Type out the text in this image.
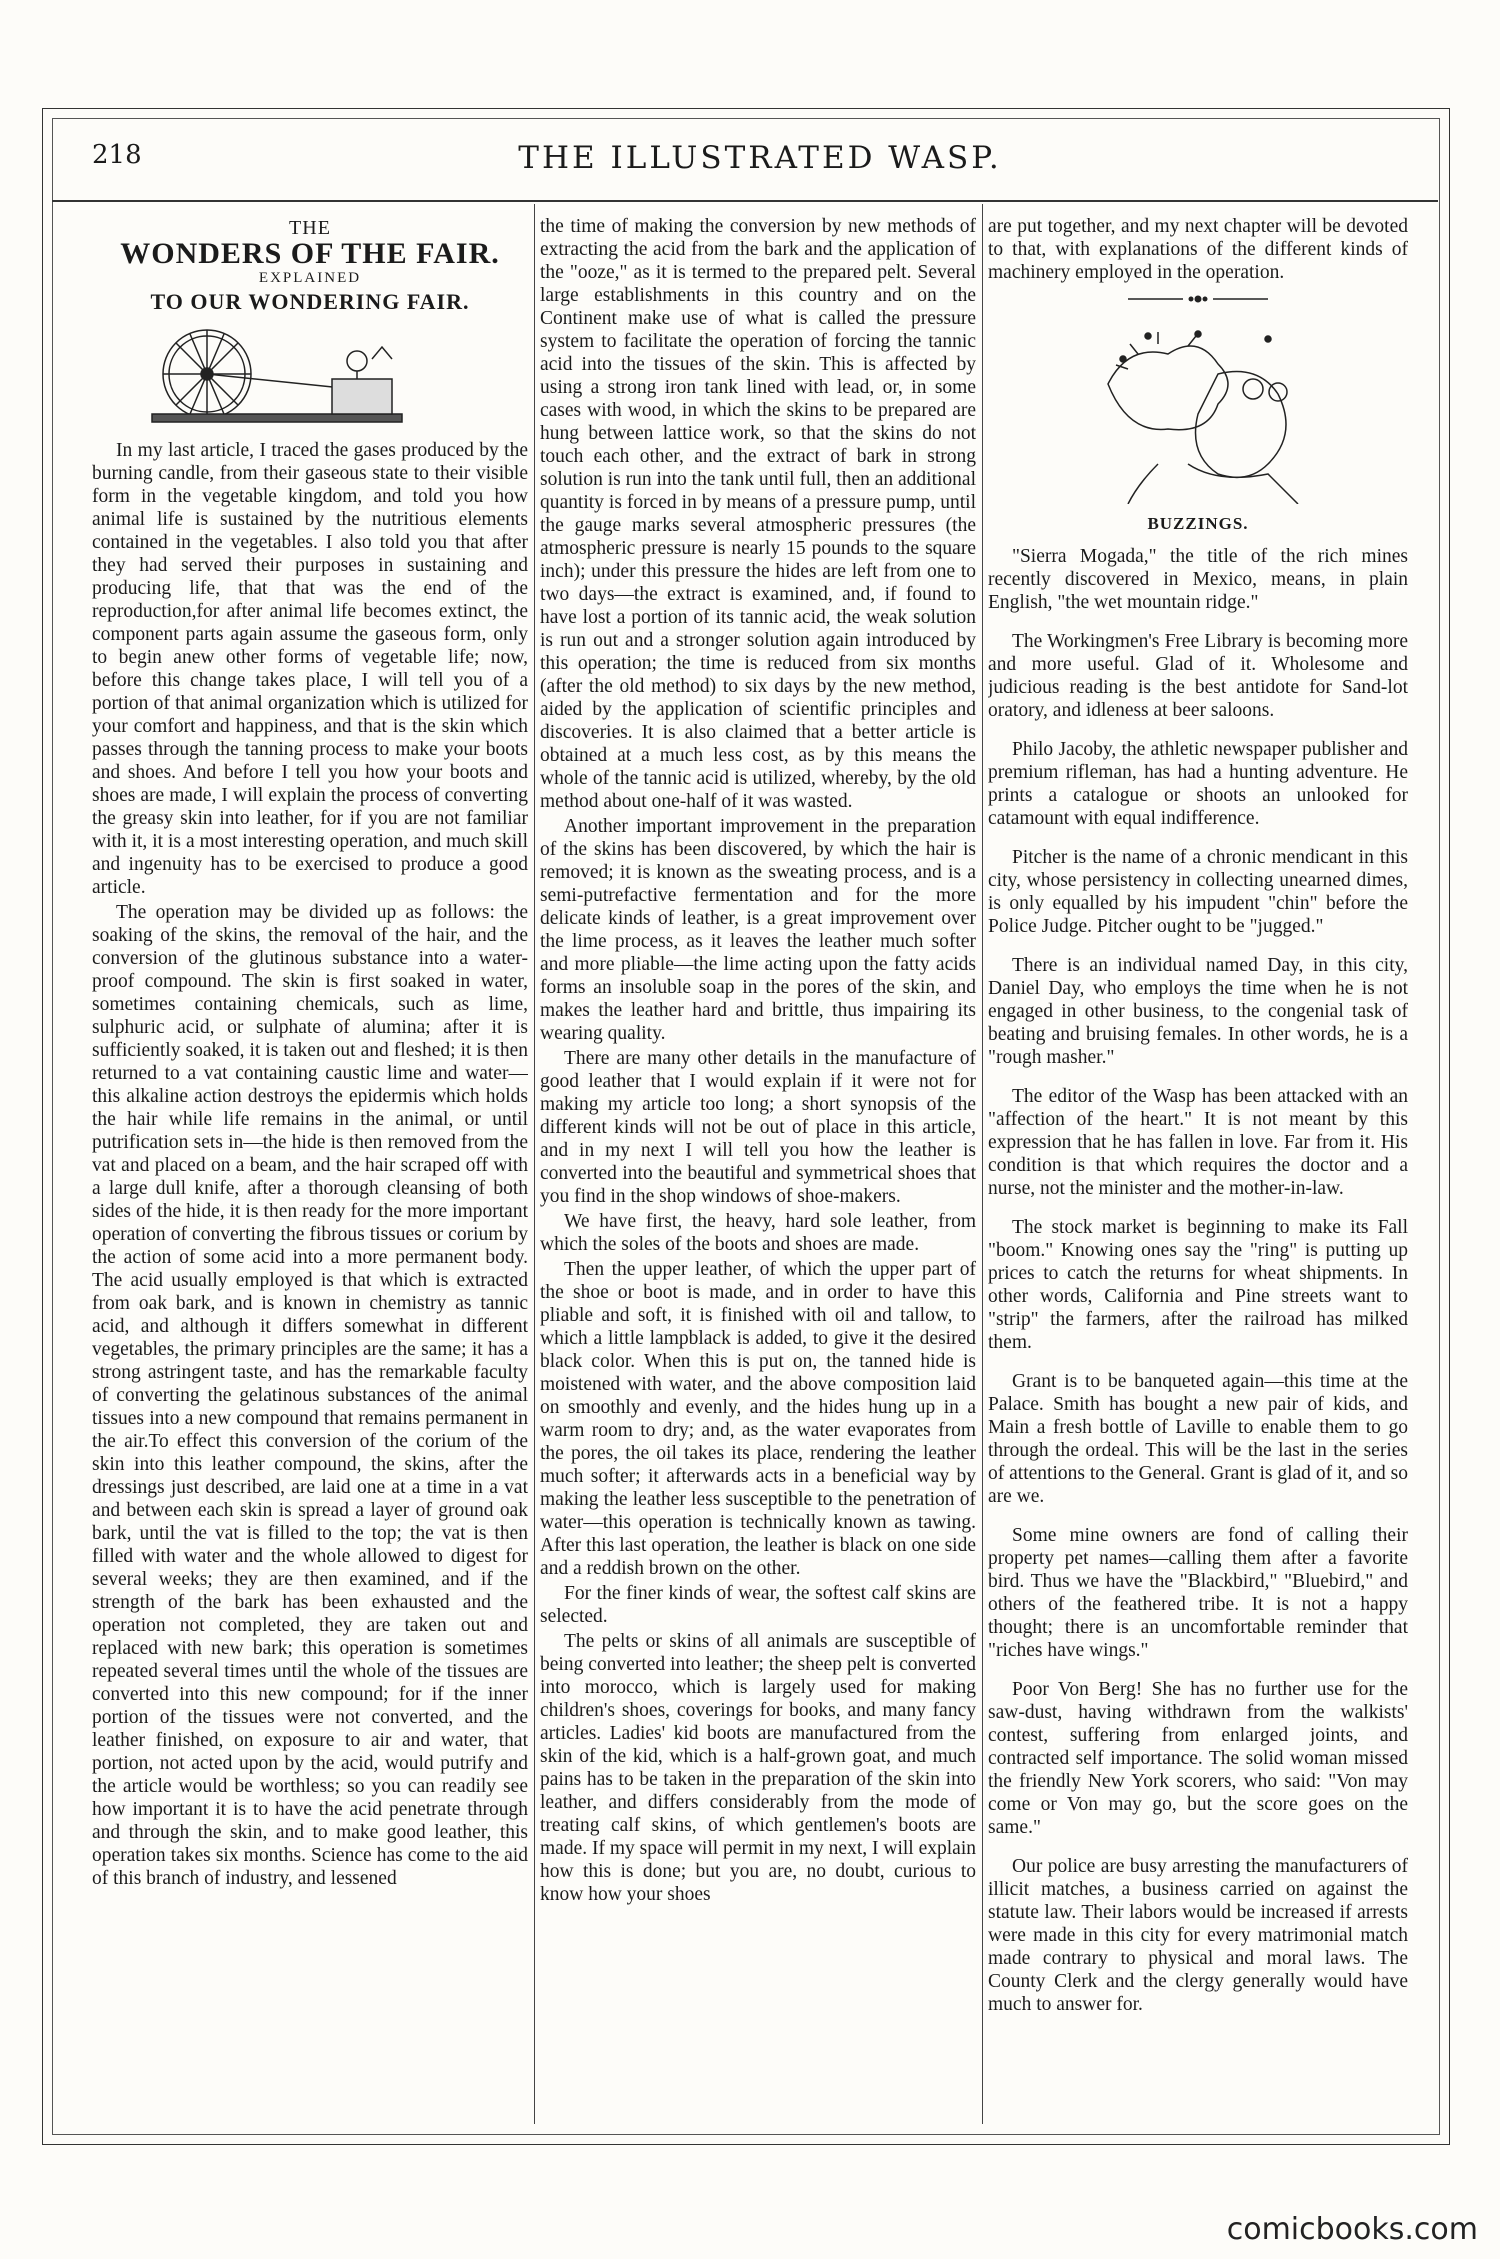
218	THE ILLUSTRATED WASP.
THE
WONDERS OF THE FAIR.
EXPLAINED
TO OUR WONDERING FAIR.

In my last article, I traced the gases produced by the burning candle, from their gaseous state to their visible form in the vegetable kingdom, and told you how animal life is sustained by the nutritious elements contained in the vegetables. I also told you that after they had served their purposes in sustaining and producing life, that that was the end of the reproduction,for after animal life becomes extinct, the component parts again assume the gaseous form, only to begin anew other forms of vegetable life; now, before this change takes place, I will tell you of a portion of that animal organization which is utilized for your comfort and happiness, and that is the skin which passes through the tanning process to make your boots and shoes. And before I tell you how your boots and shoes are made, I will explain the process of converting the greasy skin into leather, for if you are not familiar with it, it is a most interesting operation, and much skill and ingenuity has to be exercised to produce a good article.

The operation may be divided up as follows: the soaking of the skins, the removal of the hair, and the conversion of the glutinous substance into a water-proof compound. The skin is first soaked in water, sometimes containing chemicals, such as lime, sulphuric acid, or sulphate of alumina; after it is sufficiently soaked, it is taken out and fleshed; it is then returned to a vat containing caustic lime and water—this alkaline action destroys the epidermis which holds the hair while life remains in the animal, or until putrification sets in—the hide is then removed from the vat and placed on a beam, and the hair scraped off with a large dull knife, after a thorough cleansing of both sides of the hide, it is then ready for the more important operation of converting the fibrous tissues or corium by the action of some acid into a more permanent body. The acid usually employed is that which is extracted from oak bark, and is known in chemistry as tannic acid, and although it differs somewhat in different vegetables, the primary principles are the same; it has a strong astringent taste, and has the remarkable faculty of converting the gelatinous substances of the animal tissues into a new compound that remains permanent in the air.To effect this conversion of the corium of the skin into this leather compound, the skins, after the dressings just described, are laid one at a time in a vat and between each skin is spread a layer of ground oak bark, until the vat is filled to the top; the vat is then filled with water and the whole allowed to digest for several weeks; they are then examined, and if the strength of the bark has been exhausted and the operation not completed, they are taken out and replaced with new bark; this operation is sometimes repeated several times until the whole of the tissues are converted into this new compound; for if the inner portion of the tissues were not converted, and the leather finished, on exposure to air and water, that portion, not acted upon by the acid, would putrify and the article would be worthless; so you can readily see how important it is to have the acid penetrate through and through the skin, and to make good leather, this operation takes six months. Science has come to the aid of this branch of industry, and lessened

the time of making the conversion by new methods of extracting the acid from the bark and the application of the "ooze," as it is termed to the prepared pelt. Several large establishments in this country and on the Continent make use of what is called the pressure system to facilitate the operation of forcing the tannic acid into the tissues of the skin. This is affected by using a strong iron tank lined with lead, or, in some cases with wood, in which the skins to be prepared are hung between lattice work, so that the skins do not touch each other, and the extract of bark in strong solution is run into the tank until full, then an additional quantity is forced in by means of a pressure pump, until the gauge marks several atmospheric pressures (the atmospheric pressure is nearly 15 pounds to the square inch); under this pressure the hides are left from one to two days—the extract is examined, and, if found to have lost a portion of its tannic acid, the weak solution is run out and a stronger solution again introduced by this operation; the time is reduced from six months (after the old method) to six days by the new method, aided by the application of scientific principles and discoveries. It is also claimed that a better article is obtained at a much less cost, as by this means the whole of the tannic acid is utilized, whereby, by the old method about one-half of it was wasted.

Another important improvement in the preparation of the skins has been discovered, by which the hair is removed; it is known as the sweating process, and is a semi-putrefactive fermentation and for the more delicate kinds of leather, is a great improvement over the lime process, as it leaves the leather much softer and more pliable—the lime acting upon the fatty acids forms an insoluble soap in the pores of the skin, and makes the leather hard and brittle, thus impairing its wearing quality.

There are many other details in the manufacture of good leather that I would explain if it were not for making my article too long; a short synopsis of the different kinds will not be out of place in this article, and in my next I will tell you how the leather is converted into the beautiful and symmetrical shoes that you find in the shop windows of shoe-makers.

We have first, the heavy, hard sole leather, from which the soles of the boots and shoes are made.

Then the upper leather, of which the upper part of the shoe or boot is made, and in order to have this pliable and soft, it is finished with oil and tallow, to which a little lampblack is added, to give it the desired black color. When this is put on, the tanned hide is moistened with water, and the above composition laid on smoothly and evenly, and the hides hung up in a warm room to dry; and, as the water evaporates from the pores, the oil takes its place, rendering the leather much softer; it afterwards acts in a beneficial way by making the leather less susceptible to the penetration of water—this operation is technically known as tawing. After this last operation, the leather is black on one side and a reddish brown on the other.

For the finer kinds of wear, the softest calf skins are selected.

The pelts or skins of all animals are susceptible of being converted into leather; the sheep pelt is converted into morocco, which is largely used for making children's shoes, coverings for books, and many fancy articles. Ladies' kid boots are manufactured from the skin of the kid, which is a half-grown goat, and much pains has to be taken in the preparation of the skin into leather, and differs considerably from the mode of treating calf skins, of which gentlemen's boots are made. If my space will permit in my next, I will explain how this is done; but you are, no doubt, curious to know how your shoes

are put together, and my next chapter will be devoted to that, with explanations of the different kinds of machinery employed in the operation.

BUZZINGS.

"Sierra Mogada," the title of the rich mines recently discovered in Mexico, means, in plain English, "the wet mountain ridge."

The Workingmen's Free Library is becoming more and more useful. Glad of it. Wholesome and judicious reading is the best antidote for Sand-lot oratory, and idleness at beer saloons.

Philo Jacoby, the athletic newspaper publisher and premium rifleman, has had a hunting adventure. He prints a catalogue or shoots an unlooked for catamount with equal indifference.

Pitcher is the name of a chronic mendicant in this city, whose persistency in collecting unearned dimes, is only equalled by his impudent "chin" before the Police Judge. Pitcher ought to be "jugged."

There is an individual named Day, in this city, Daniel Day, who employs the time when he is not engaged in other business, to the congenial task of beating and bruising females. In other words, he is a "rough masher."

The editor of the Wasp has been attacked with an "affection of the heart." It is not meant by this expression that he has fallen in love. Far from it. His condition is that which requires the doctor and a nurse, not the minister and the mother-in-law.

The stock market is beginning to make its Fall "boom." Knowing ones say the "ring" is putting up prices to catch the returns for wheat shipments. In other words, California and Pine streets want to "strip" the farmers, after the railroad has milked them.

Grant is to be banqueted again—this time at the Palace. Smith has bought a new pair of kids, and Main a fresh bottle of Laville to enable them to go through the ordeal. This will be the last in the series of attentions to the General. Grant is glad of it, and so are we.

Some mine owners are fond of calling their property pet names—calling them after a favorite bird. Thus we have the "Blackbird," "Bluebird," and others of the feathered tribe. It is not a happy thought; there is an uncomfortable reminder that "riches have wings."

Poor Von Berg! She has no further use for the saw-dust, having withdrawn from the walkists' contest, suffering from enlarged joints, and contracted self importance. The solid woman missed the friendly New York scorers, who said: "Von may come or Von may go, but the score goes on the same."

Our police are busy arresting the manufacturers of illicit matches, a business carried on against the statute law. Their labors would be increased if arrests were made in this city for every matrimonial match made contrary to physical and moral laws. The County Clerk and the clergy generally would have much to answer for.

comicbooks.com
